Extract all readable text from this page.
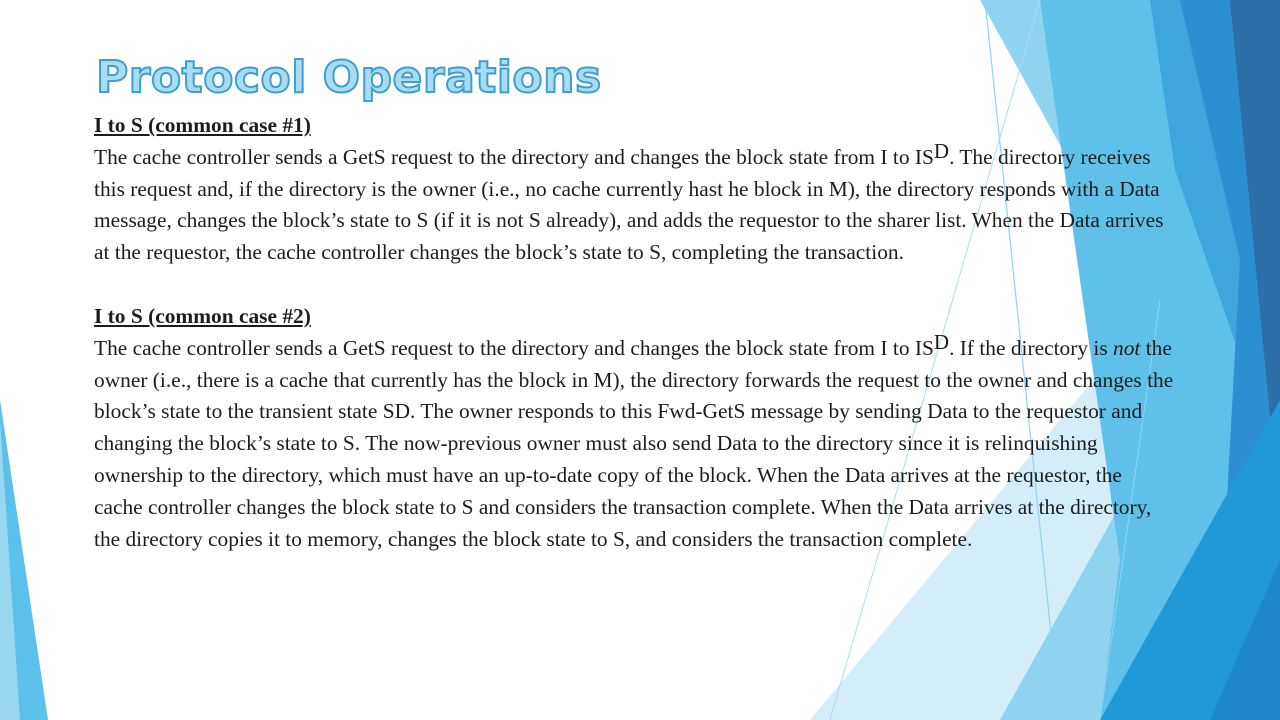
Protocol Operations
I to S (common case #1)

The cache controller sends a GetS request to the directory and changes the block state from I to $IS^D$. The directory receives this request and, if the directory is the owner (i.e., no cache currently hast he block in M), the directory responds with a Data message, changes the block’s state to S (if it is not S already), and adds the requestor to the sharer list. When the Data arrives at the requestor, the cache controller changes the block’s state to S, completing the transaction.

I to S (common case #2)

The cache controller sends a GetS request to the directory and changes the block state from I to $IS^D$. If the directory is not the owner (i.e., there is a cache that currently has the block in M), the directory forwards the request to the owner and changes the block’s state to the transient state SD. The owner responds to this Fwd-GetS message by sending Data to the requestor and changing the block’s state to S. The now-previous owner must also send Data to the directory since it is relinquishing ownership to the directory, which must have an up-to-date copy of the block. When the Data arrives at the requestor, the cache controller changes the block state to S and considers the transaction complete. When the Data arrives at the directory, the directory copies it to memory, changes the block state to S, and considers the transaction complete.
